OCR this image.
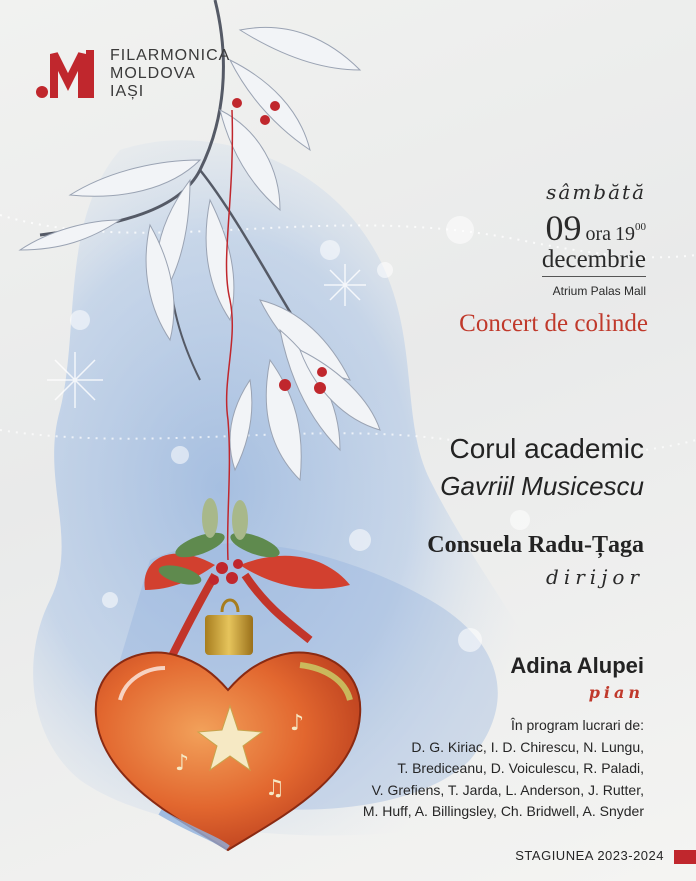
♪
♫
♪
FILARMONICA
MOLDOVA
IAȘI
sâmbătă
09 ora 19 00
decembrie
Atrium Palas Mall
Concert de colinde
Corul academic
Gavriil Musicescu
Consuela Radu-Țaga
dirijor
Adina Alupei
pian
În program lucrari de:
D. G. Kiriac, I. D. Chirescu, N. Lungu,
T. Brediceanu, D. Voiculescu, R. Paladi,
V. Grefiens, T. Jarda, L. Anderson, J. Rutter,
M. Huff, A. Billingsley, Ch. Bridwell, A. Snyder
STAGIUNEA 2023-2024
